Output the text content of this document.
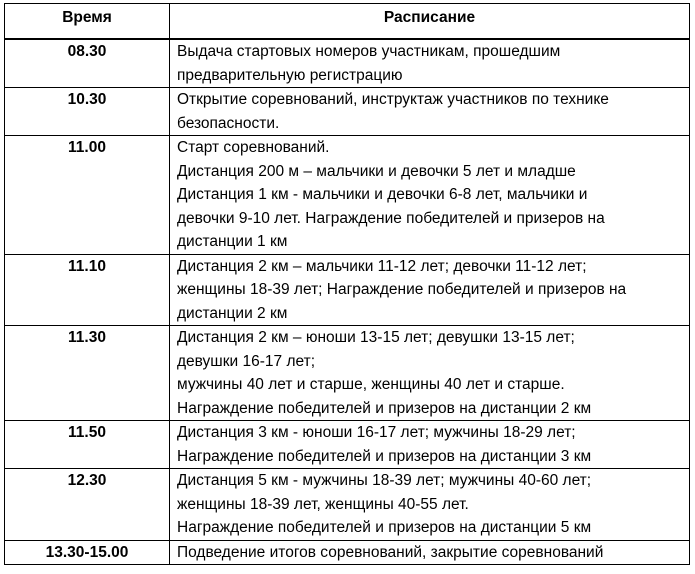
Время	Расписание
08.30	Выдача стартовых номеров участникам, прошедшим
предварительную регистрацию

10.30	Открытие соревнований, инструктаж участников по технике
безопасности.

11.00	Старт соревнований.
Дистанция 200 м – мальчики и девочки 5 лет и младше
Дистанция 1 км - мальчики и девочки 6-8 лет, мальчики и
девочки 9-10 лет. Награждение победителей и призеров на
дистанции 1 км

11.10	Дистанция 2 км – мальчики 11-12 лет; девочки 11-12 лет;
женщины 18-39 лет; Награждение победителей и призеров на
дистанции 2 км

11.30	Дистанция 2 км – юноши 13-15 лет; девушки 13-15 лет;
девушки 16-17 лет;
мужчины 40 лет и старше, женщины 40 лет и старше.
Награждение победителей и призеров на дистанции 2 км

11.50	Дистанция 3 км - юноши 16-17 лет; мужчины 18-29 лет;
Награждение победителей и призеров на дистанции 3 км

12.30	Дистанция 5 км - мужчины 18-39 лет; мужчины 40-60 лет;
женщины 18-39 лет, женщины 40-55 лет.
Награждение победителей и призеров на дистанции 5 км

13.30-15.00	Подведение итогов соревнований, закрытие соревнований
